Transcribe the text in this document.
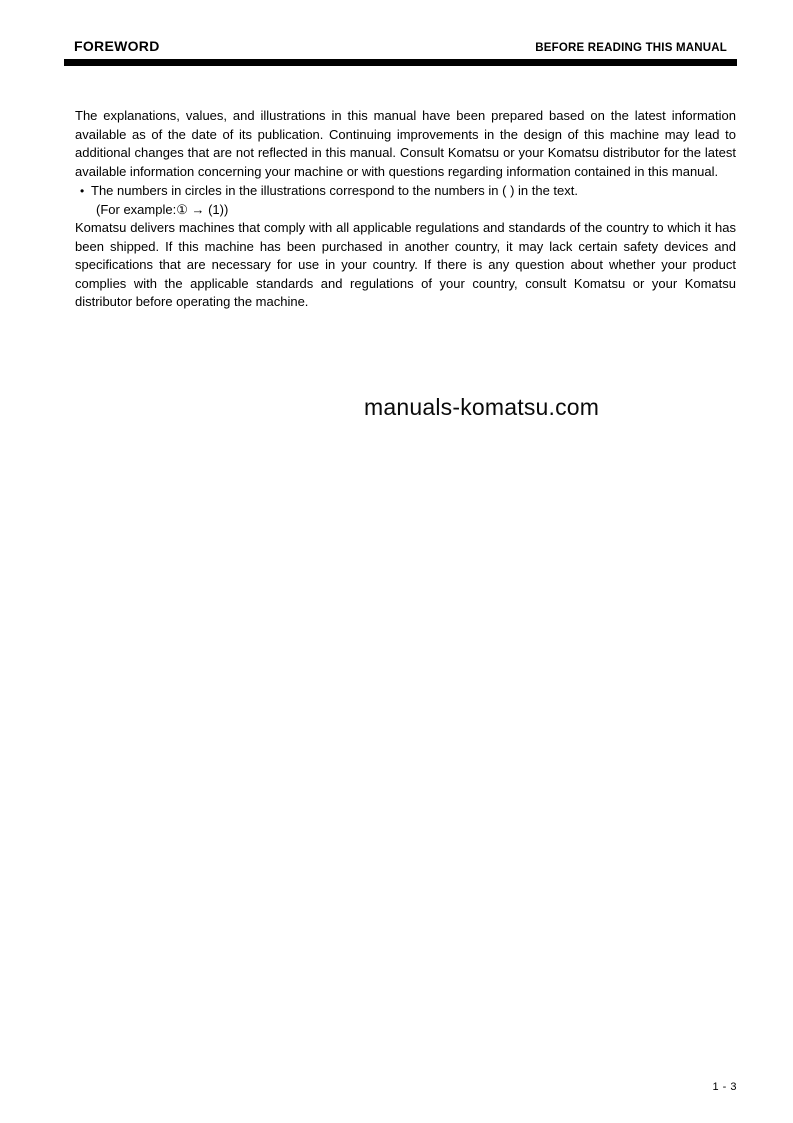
FOREWORD	BEFORE READING THIS MANUAL

The explanations, values, and illustrations in this manual have been prepared based on the latest information available as of the date of its publication. Continuing improvements in the design of this machine may lead to additional changes that are not reflected in this manual. Consult Komatsu or your Komatsu distributor for the latest available information concerning your machine or with questions regarding information contained in this manual.

• The numbers in circles in the illustrations correspond to the numbers in ( ) in the text.

(For example:① → (1))

Komatsu delivers machines that comply with all applicable regulations and standards of the country to which it has been shipped. If this machine has been purchased in another country, it may lack certain safety devices and specifications that are necessary for use in your country. If there is any question about whether your product complies with the applicable standards and regulations of your country, consult Komatsu or your Komatsu distributor before operating the machine.

manuals-komatsu.com
1 - 3
